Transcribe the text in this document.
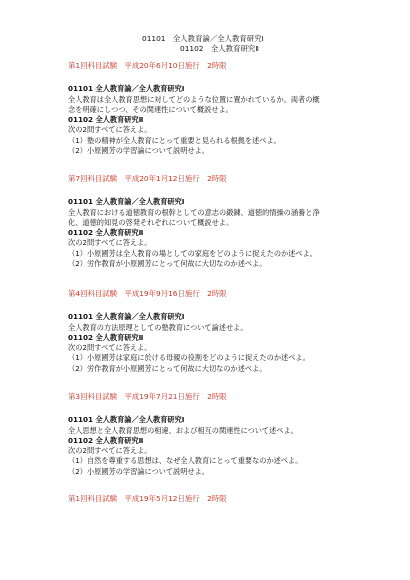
01101　全人教育論／全人教育研究Ⅰ

01102　全人教育研究Ⅱ

第1回科目試験　平成20年6月10日施行　2時限

01101 全人教育論／全人教育研究Ⅰ

全人教育は全人教育思想に対してどのような位置に置かれているか。両者の概

念を明確にしつつ、その関連性について概説せよ。

01102 全人教育研究Ⅱ

次の2問すべてに答えよ。

（1）塾の精神が全人教育にとって重要と見られる根拠を述べよ。

（2）小原國芳の学習論について説明せよ。

第7回科目試験　平成20年1月12日施行　2時限

01101 全人教育論／全人教育研究Ⅰ

全人教育における道徳教育の根幹としての意志の鍛錬、道徳的情操の涵養と浄

化、道徳的知見の啓発それぞれについて概説せよ。

01102 全人教育研究Ⅱ

次の2問すべてに答えよ。

（1）小原國芳は全人教育の場としての家庭をどのように捉えたのか述べよ。

（2）労作教育が小原國芳にとって何故に大切なのか述べよ。

第4回科目試験　平成19年9月16日施行　2時限

01101 全人教育論／全人教育研究Ⅰ

全人教育の方法原理としての塾教育について論述せよ。

01102 全人教育研究Ⅱ

次の2問すべてに答えよ。

（1）小原國芳は家庭に於ける母親の役割をどのように捉えたのか述べよ。

（2）労作教育が小原國芳にとって何故に大切なのか述べよ。

第3回科目試験　平成19年7月21日施行　2時限

01101 全人教育論／全人教育研究Ⅰ

全人思想と全人教育思想の相違、および相互の関連性について述べよ。

01102 全人教育研究Ⅱ

次の2問すべてに答えよ。

（1）自然を尊重する思想は、なぜ全人教育にとって重要なのか述べよ。

（2）小原國芳の学習論について説明せよ。

第1回科目試験　平成19年5月12日施行　2時限
